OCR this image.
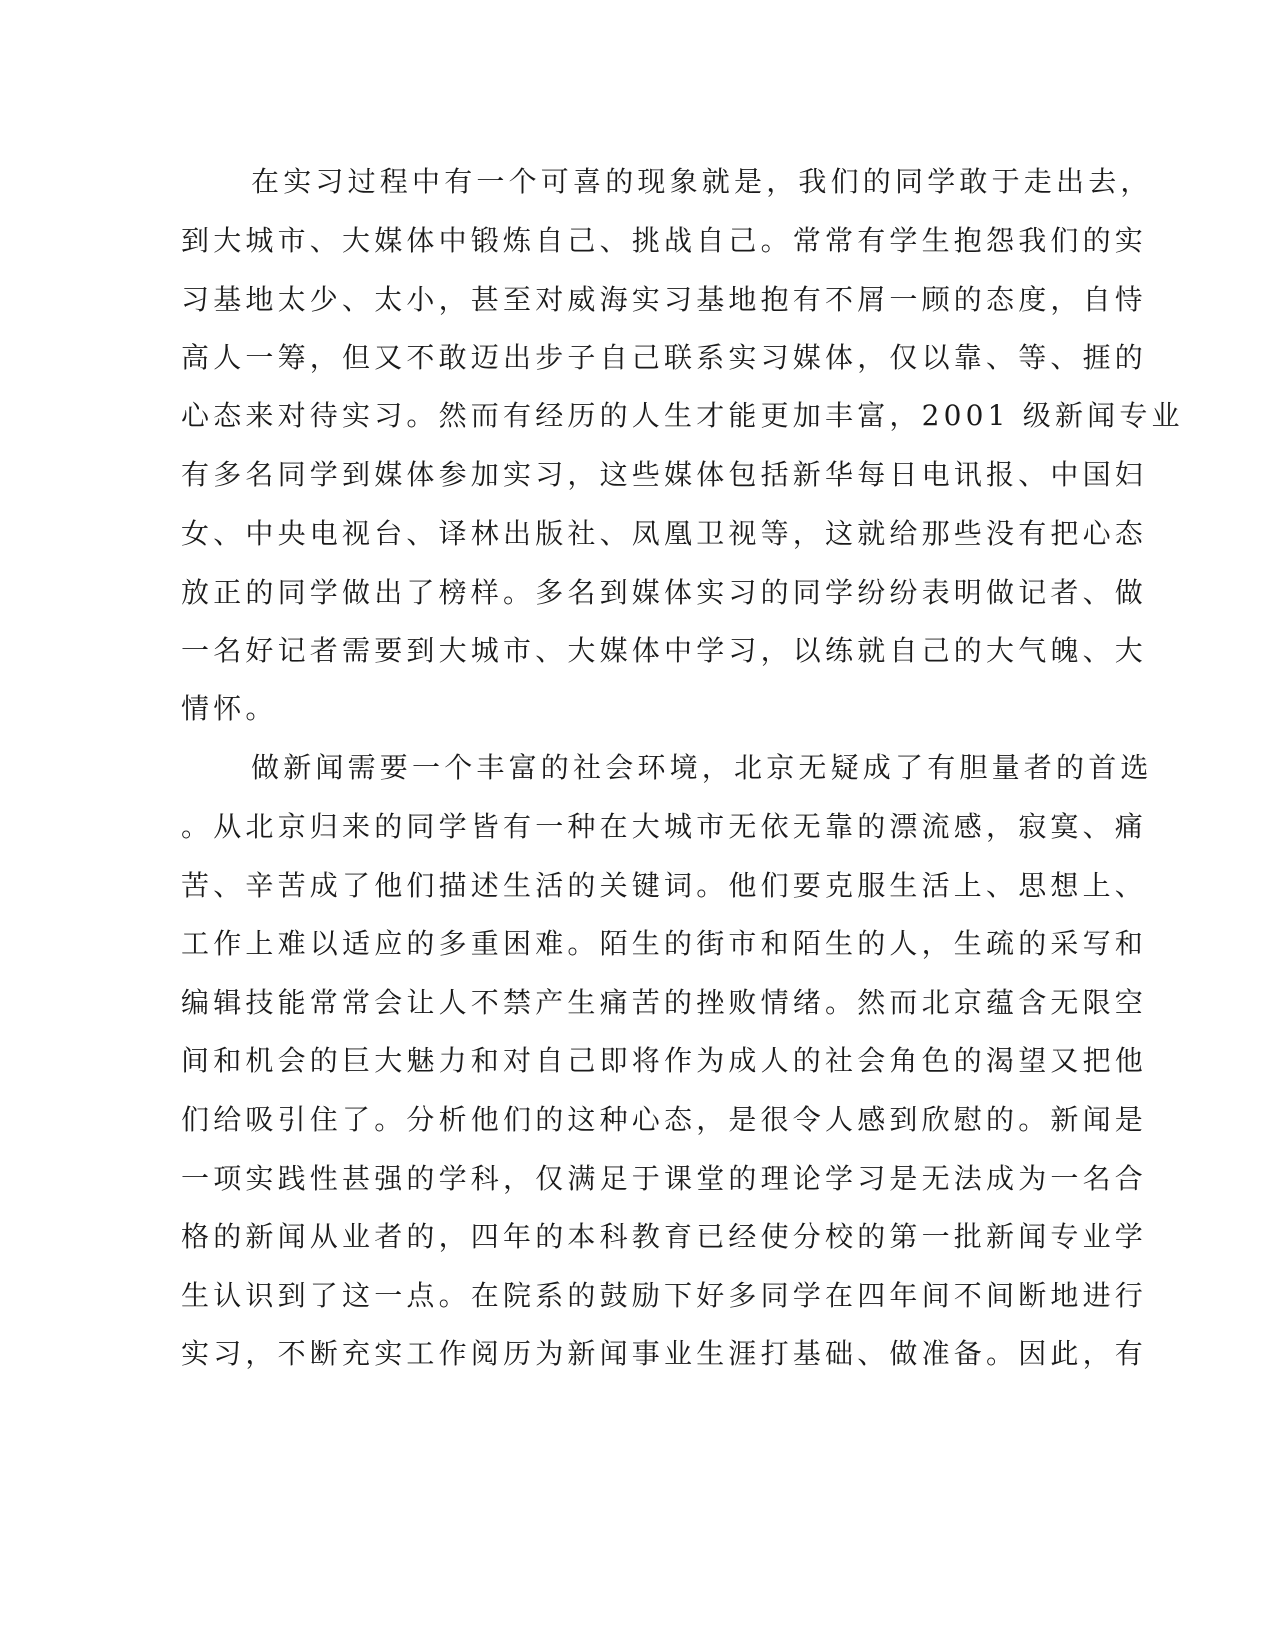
在实习过程中有一个可喜的现象就是，我们的同学敢于走出去，

到大城市、大媒体中锻炼自己、挑战自己。常常有学生抱怨我们的实

习基地太少、太小，甚至对威海实习基地抱有不屑一顾的态度，自恃

高人一筹，但又不敢迈出步子自己联系实习媒体，仅以靠、等、捱的

心态来对待实习。然而有经历的人生才能更加丰富，2001 级新闻专业

有多名同学到媒体参加实习，这些媒体包括新华每日电讯报、中国妇

女、中央电视台、译林出版社、凤凰卫视等，这就给那些没有把心态

放正的同学做出了榜样。多名到媒体实习的同学纷纷表明做记者、做

一名好记者需要到大城市、大媒体中学习，以练就自己的大气魄、大

情怀。

做新闻需要一个丰富的社会环境，北京无疑成了有胆量者的首选

。从北京归来的同学皆有一种在大城市无依无靠的漂流感，寂寞、痛

苦、辛苦成了他们描述生活的关键词。他们要克服生活上、思想上、

工作上难以适应的多重困难。陌生的街市和陌生的人，生疏的采写和

编辑技能常常会让人不禁产生痛苦的挫败情绪。然而北京蕴含无限空

间和机会的巨大魅力和对自己即将作为成人的社会角色的渴望又把他

们给吸引住了。分析他们的这种心态，是很令人感到欣慰的。新闻是

一项实践性甚强的学科，仅满足于课堂的理论学习是无法成为一名合

格的新闻从业者的，四年的本科教育已经使分校的第一批新闻专业学

生认识到了这一点。在院系的鼓励下好多同学在四年间不间断地进行

实习，不断充实工作阅历为新闻事业生涯打基础、做准备。因此，有
